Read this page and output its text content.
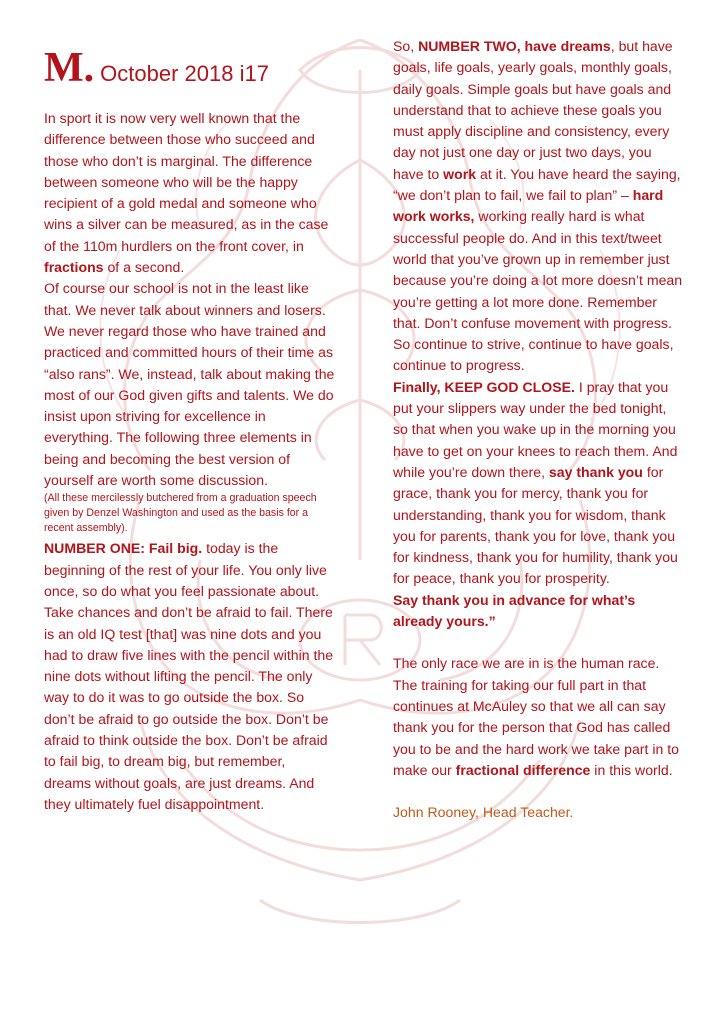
M. October 2018 i17

In sport it is now very well known that the difference between those who succeed and those who don’t is marginal. The difference between someone who will be the happy recipient of a gold medal and someone who wins a silver can be measured, as in the case of the 110m hurdlers on the front cover, in fractions of a second.

Of course our school is not in the least like that. We never talk about winners and losers. We never regard those who have trained and practiced and committed hours of their time as “also rans”. We, instead, talk about making the most of our God given gifts and talents. We do insist upon striving for excellence in everything. The following three elements in being and becoming the best version of yourself are worth some discussion.

(All these mercilessly butchered from a graduation speech given by Denzel Washington and used as the basis for a recent assembly).

NUMBER ONE: Fail big. today is the beginning of the rest of your life. You only live once, so do what you feel passionate about. Take chances and don’t be afraid to fail. There is an old IQ test [that] was nine dots and you had to draw five lines with the pencil within the nine dots without lifting the pencil. The only way to do it was to go outside the box. So don’t be afraid to go outside the box. Don’t be afraid to think outside the box. Don’t be afraid to fail big, to dream big, but remember, dreams without goals, are just dreams. And they ultimately fuel disappointment.

So, NUMBER TWO, have dreams, but have goals, life goals, yearly goals, monthly goals, daily goals. Simple goals but have goals and understand that to achieve these goals you must apply discipline and consistency, every day not just one day or just two days, you have to work at it. You have heard the saying, “we don’t plan to fail, we fail to plan” – hard work works, working really hard is what successful people do. And in this text/tweet world that you’ve grown up in remember just because you’re doing a lot more doesn’t mean you’re getting a lot more done. Remember that. Don’t confuse movement with progress. So continue to strive, continue to have goals, continue to progress.

Finally, KEEP GOD CLOSE. I pray that you put your slippers way under the bed tonight, so that when you wake up in the morning you have to get on your knees to reach them. And while you’re down there, say thank you for grace, thank you for mercy, thank you for understanding, thank you for wisdom, thank you for parents, thank you for love, thank you for kindness, thank you for humility, thank you for peace, thank you for prosperity.

Say thank you in advance for what’s already yours.”

The only race we are in is the human race. The training for taking our full part in that continues at McAuley so that we all can say thank you for the person that God has called you to be and the hard work we take part in to make our fractional difference in this world.

John Rooney, Head Teacher.
